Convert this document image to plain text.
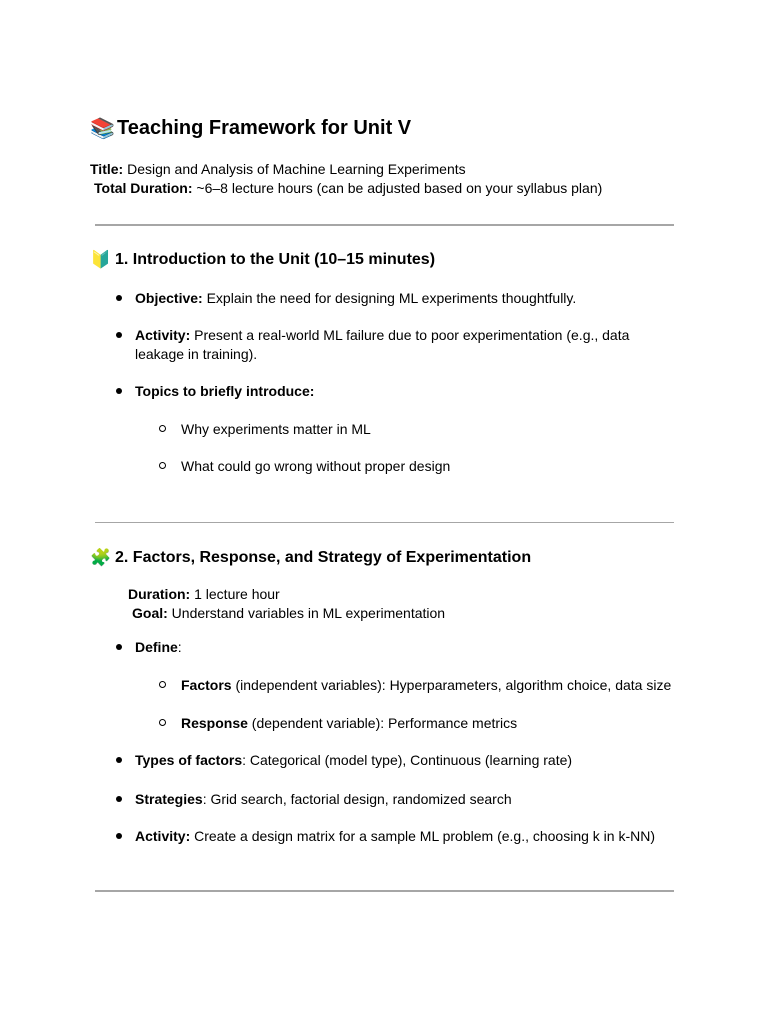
📚 Teaching Framework for Unit V
Title: Design and Analysis of Machine Learning Experiments
Total Duration: ~6–8 lecture hours (can be adjusted based on your syllabus plan)
🔰 1. Introduction to the Unit (10–15 minutes)
Objective: Explain the need for designing ML experiments thoughtfully.
Activity: Present a real-world ML failure due to poor experimentation (e.g., data leakage in training).
Topics to briefly introduce:
Why experiments matter in ML
What could go wrong without proper design
🧩 2. Factors, Response, and Strategy of Experimentation
Duration: 1 lecture hour
Goal: Understand variables in ML experimentation
Define:
Factors (independent variables): Hyperparameters, algorithm choice, data size
Response (dependent variable): Performance metrics
Types of factors: Categorical (model type), Continuous (learning rate)
Strategies: Grid search, factorial design, randomized search
Activity: Create a design matrix for a sample ML problem (e.g., choosing k in k-NN)
